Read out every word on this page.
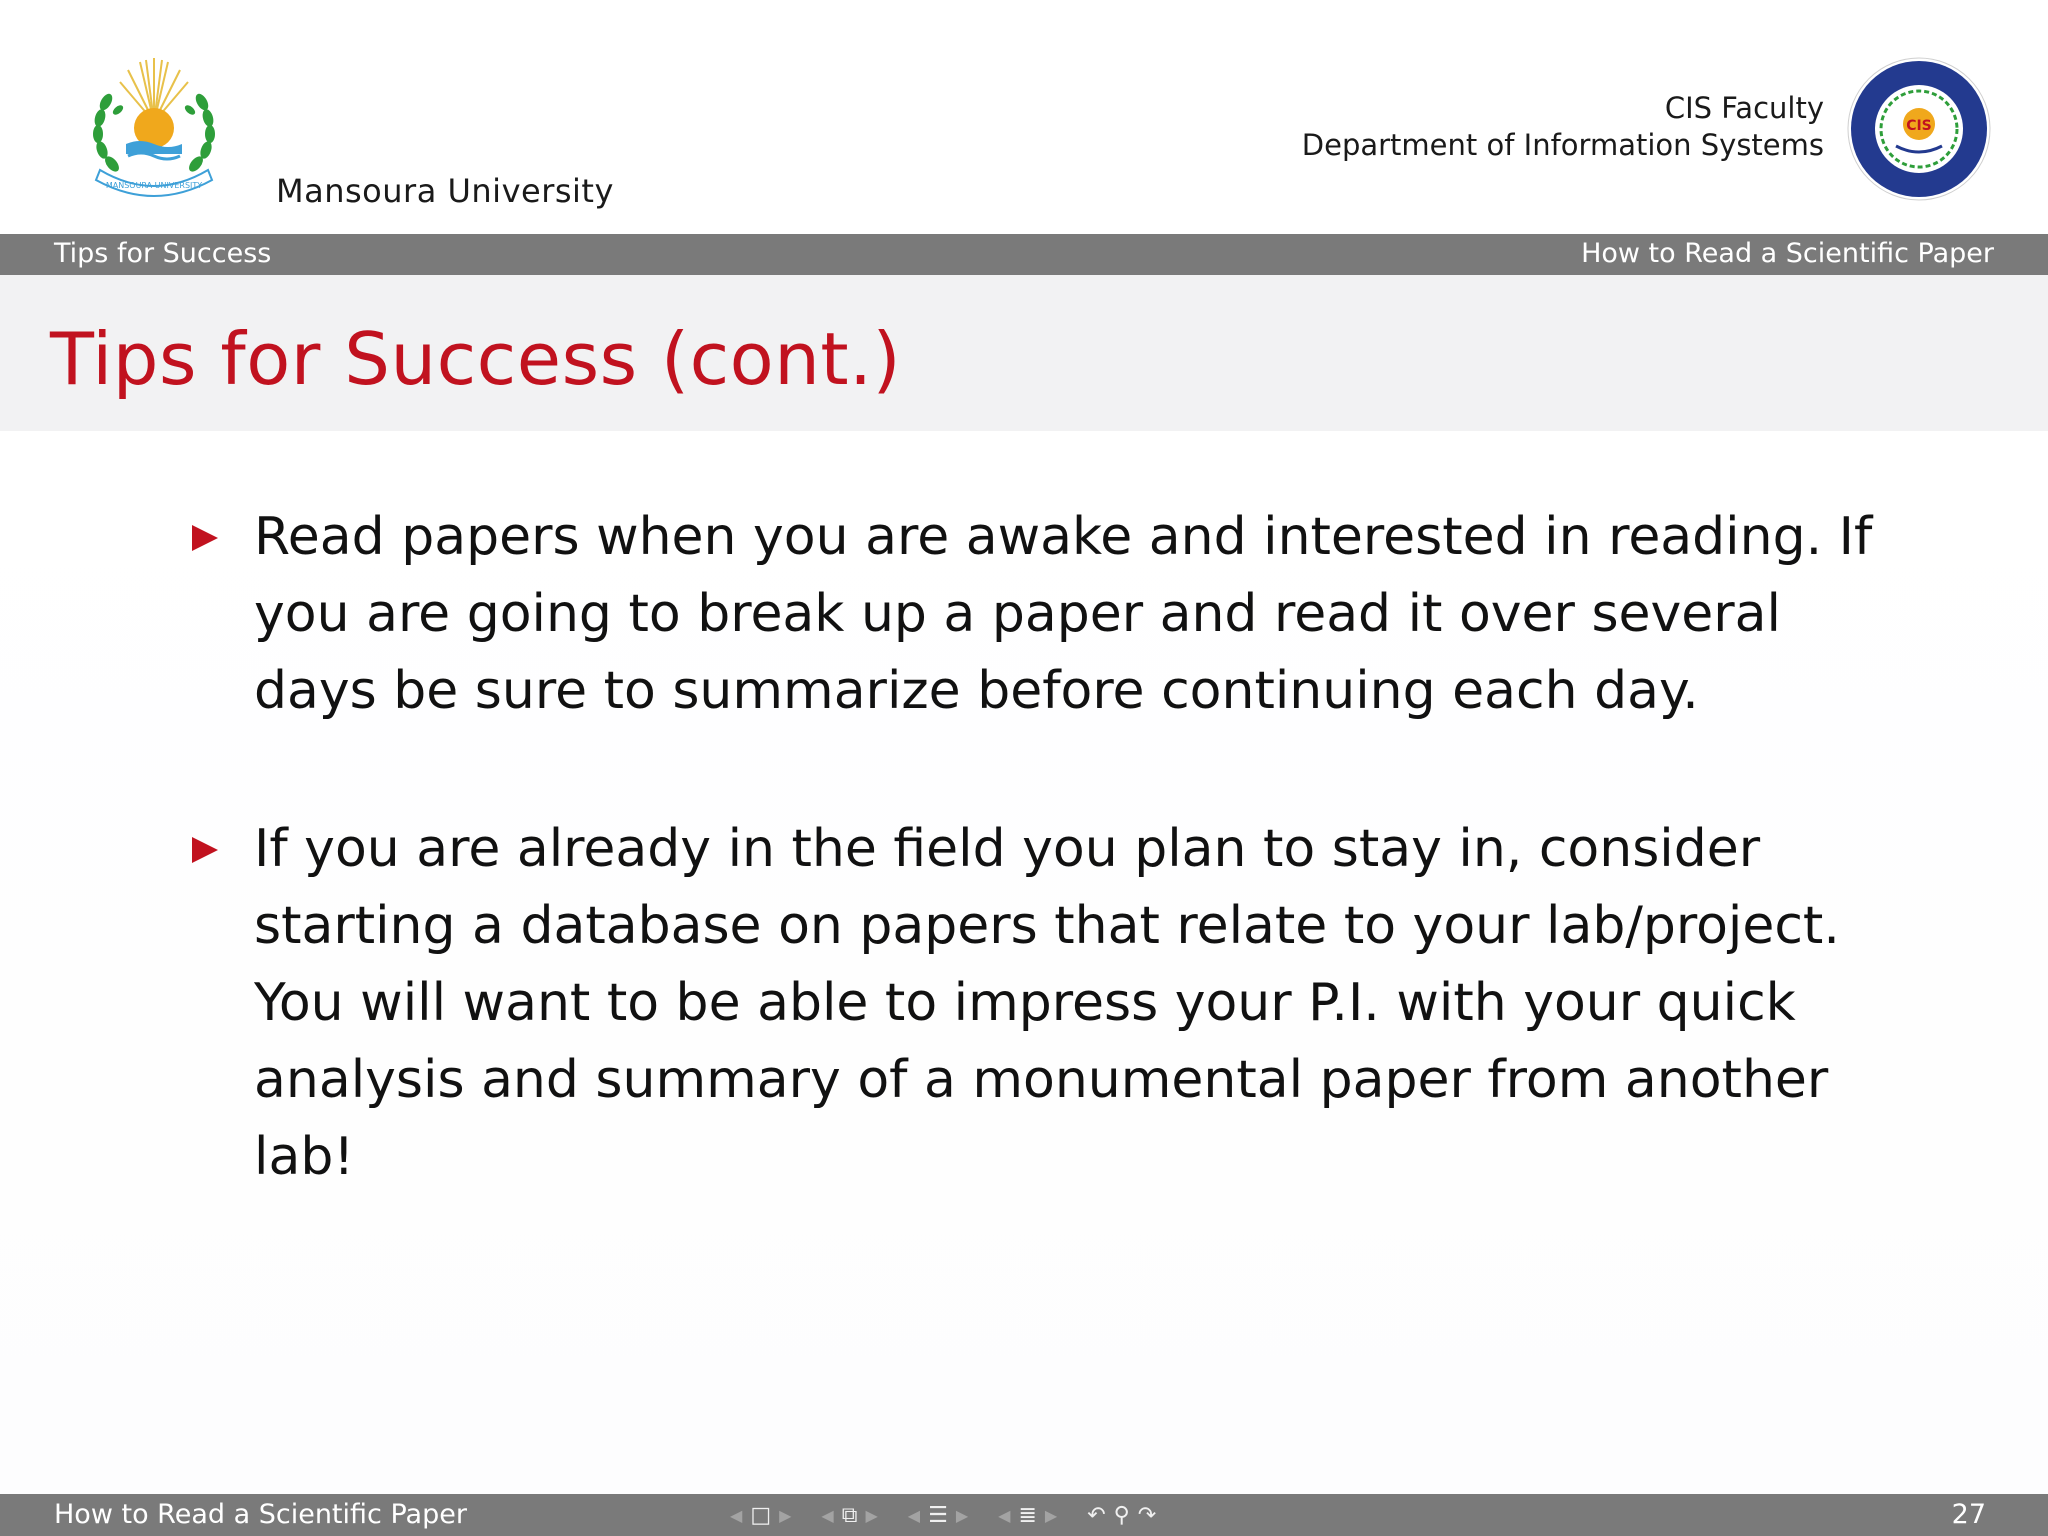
MANSOURA UNIVERSITY Mansoura University
CIS Faculty
Department of Information Systems
CIS
Tips for Success	How to Read a Scientific Paper
Tips for Success (cont.)
Read papers when you are awake and interested in reading. If you are going to break up a paper and read it over several days be sure to summarize before continuing each day.
If you are already in the field you plan to stay in, consider starting a database on papers that relate to your lab/project. You will want to be able to impress your P.I. with your quick analysis and summary of a monumental paper from another lab!
How to Read a Scientific Paper	◀ □ ▶ ◀ ⧉ ▶ ◀ ☰ ▶ ◀ ≣ ▶ ↶ ⚲ ↷	27
